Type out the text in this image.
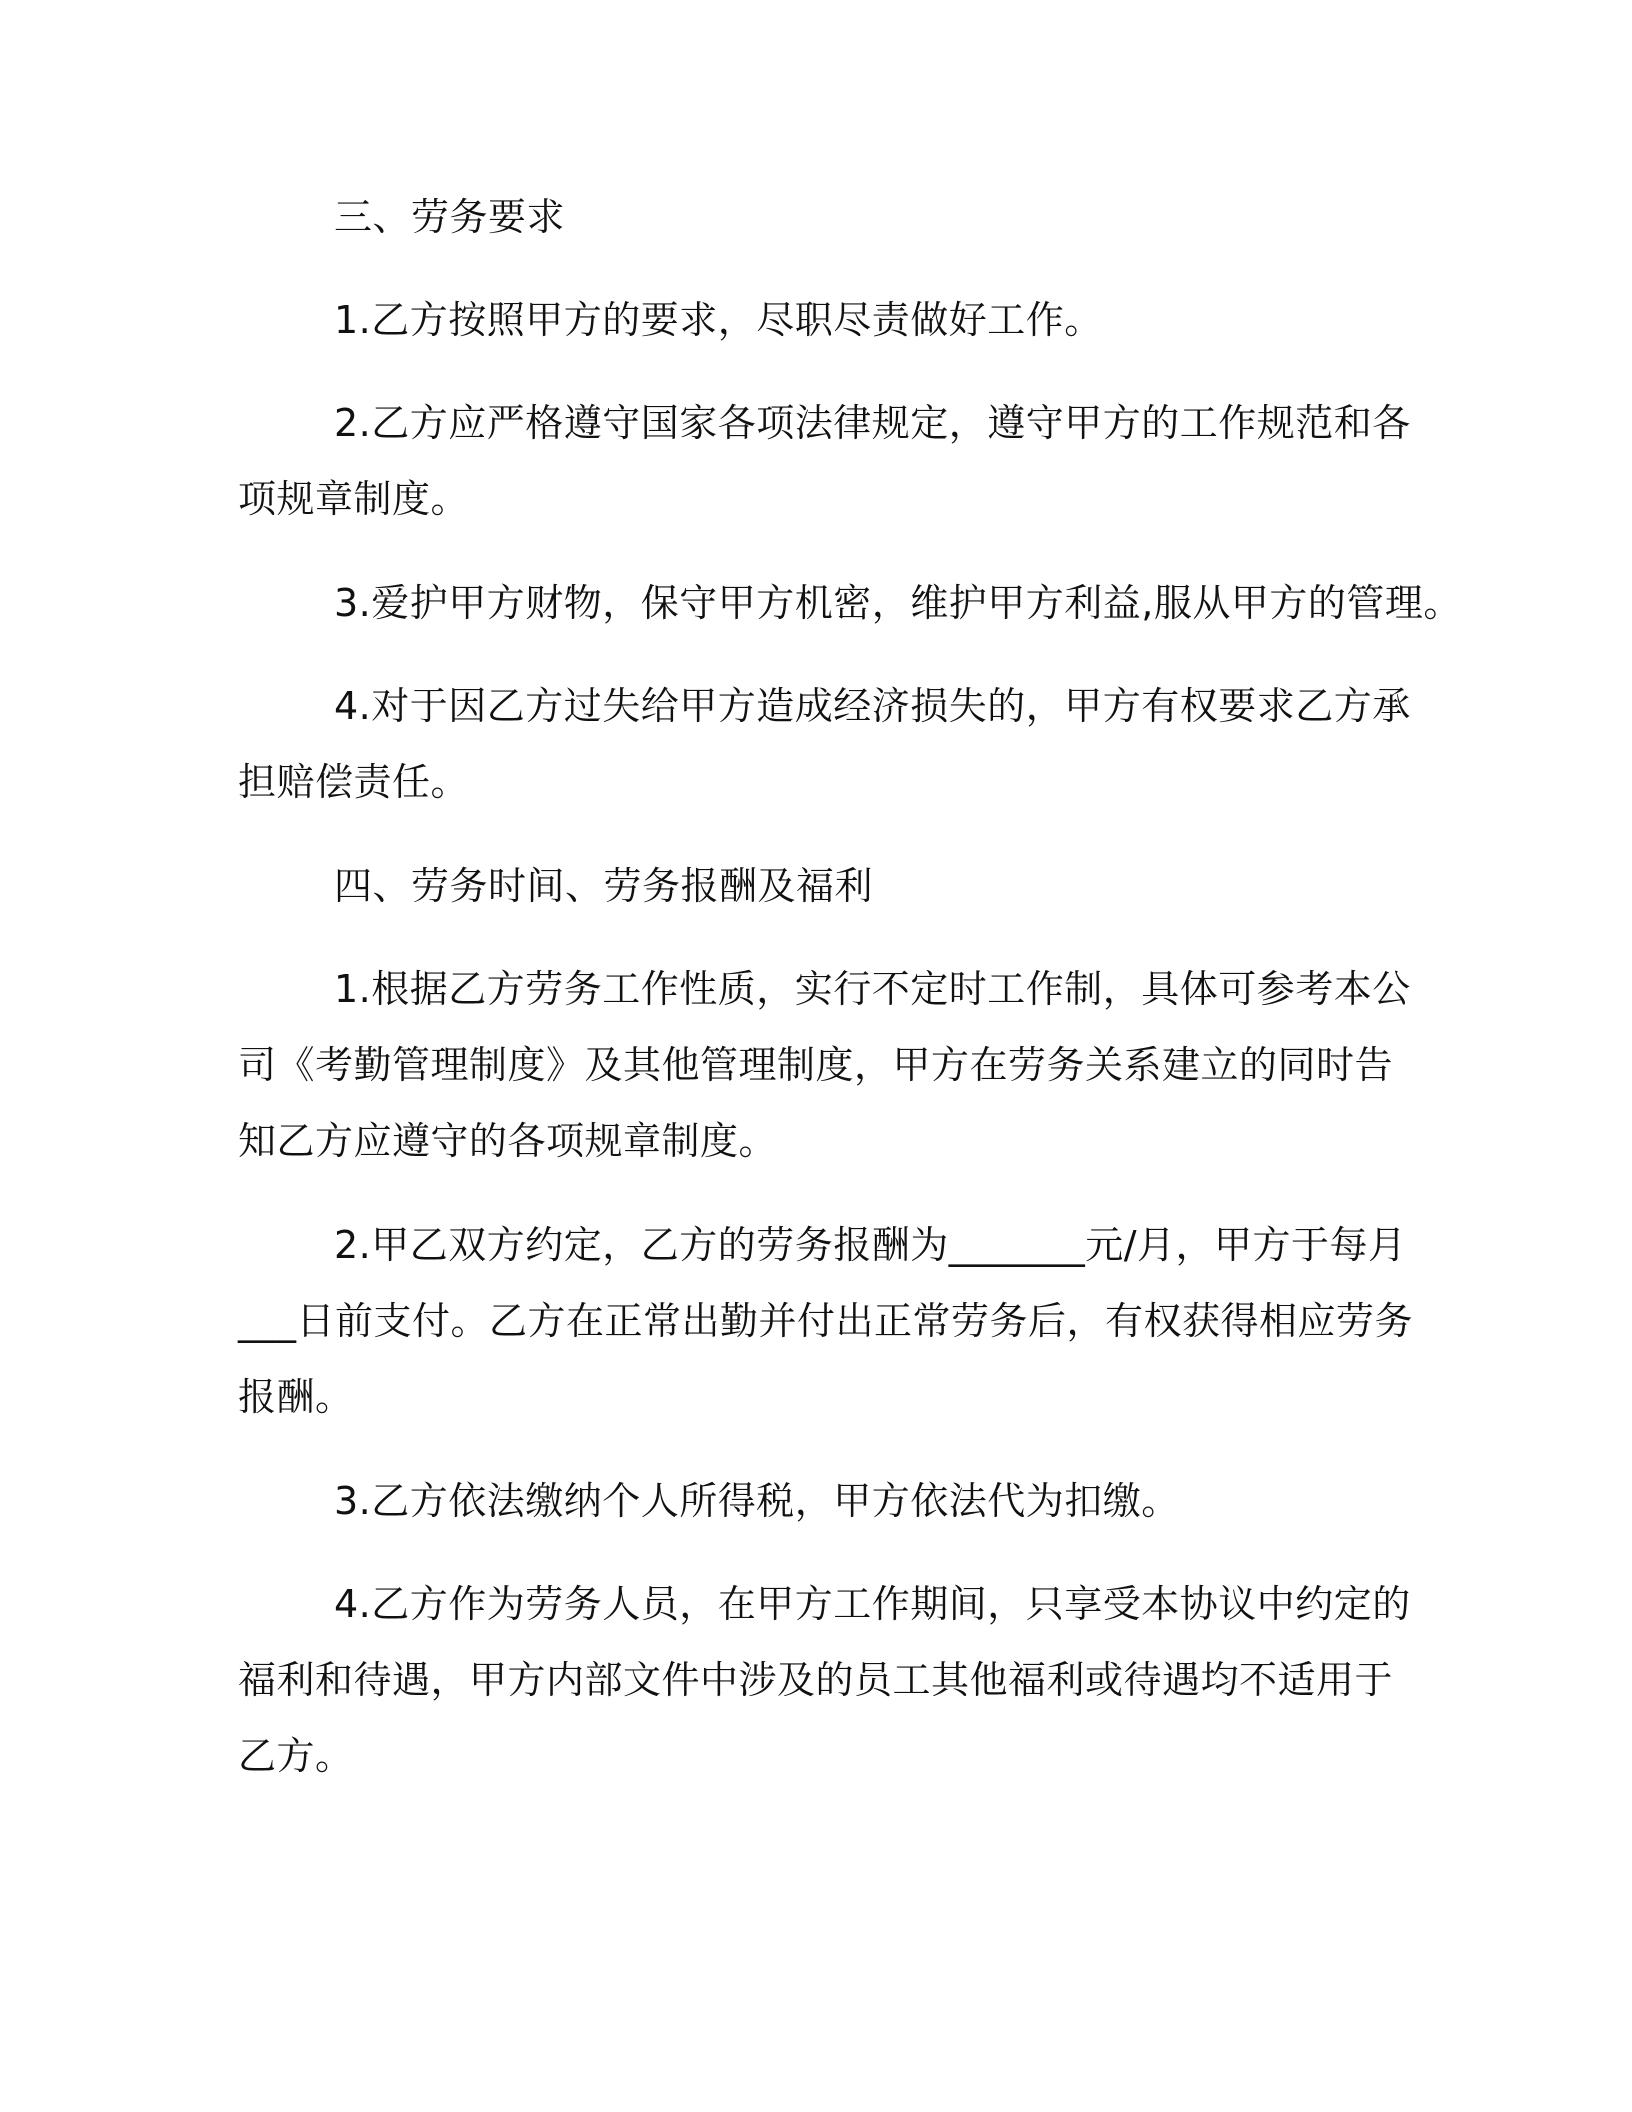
三、劳务要求
1.乙方按照甲方的要求，尽职尽责做好工作。
2.乙方应严格遵守国家各项法律规定，遵守甲方的工作规范和各
项规章制度。
3.爱护甲方财物，保守甲方机密，维护甲方利益,服从甲方的管理。
4.对于因乙方过失给甲方造成经济损失的，甲方有权要求乙方承
担赔偿责任。
四、劳务时间、劳务报酬及福利
1.根据乙方劳务工作性质，实行不定时工作制，具体可参考本公
司《考勤管理制度》及其他管理制度，甲方在劳务关系建立的同时告
知乙方应遵守的各项规章制度。
2.甲乙双方约定，乙方的劳务报酬为_______元/月，甲方于每月
___日前支付。乙方在正常出勤并付出正常劳务后，有权获得相应劳务
报酬。
3.乙方依法缴纳个人所得税，甲方依法代为扣缴。
4.乙方作为劳务人员，在甲方工作期间，只享受本协议中约定的
福利和待遇，甲方内部文件中涉及的员工其他福利或待遇均不适用于
乙方。
